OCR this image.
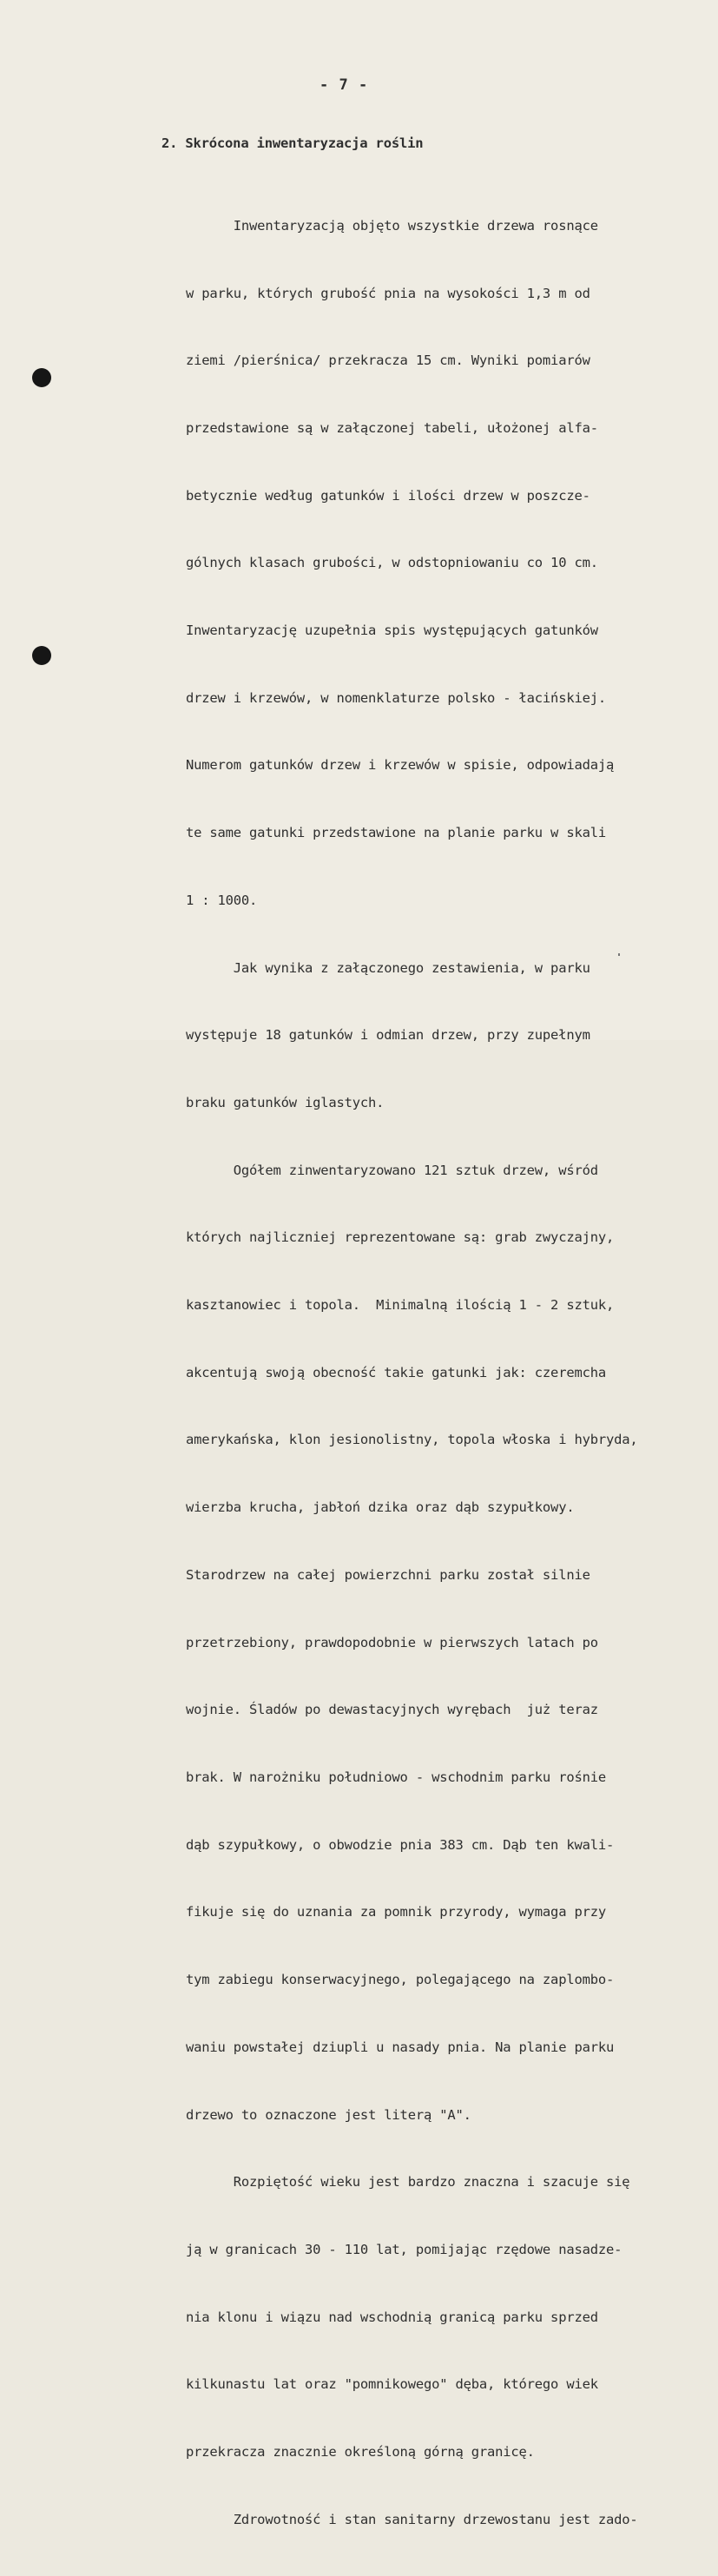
- 7 -
2. Skrócona inwentaryzacja roślin

Inwentaryzacją objęto wszystkie drzewa rosnące

w parku, których grubość pnia na wysokości 1,3 m od

ziemi /pierśnica/ przekracza 15 cm. Wyniki pomiarów

przedstawione są w załączonej tabeli, ułożonej alfa-

betycznie według gatunków i ilości drzew w poszcze-

gólnych klasach grubości, w odstopniowaniu co 10 cm.

Inwentaryzację uzupełnia spis występujących gatunków

drzew i krzewów, w nomenklaturze polsko - łacińskiej.

Numerom gatunków drzew i krzewów w spisie, odpowiadają

te same gatunki przedstawione na planie parku w skali

1 : 1000.

Jak wynika z załączonego zestawienia, w parku

występuje 18 gatunków i odmian drzew, przy zupełnym

braku gatunków iglastych.

Ogółem zinwentaryzowano 121 sztuk drzew, wśród

których najliczniej reprezentowane są: grab zwyczajny,

kasztanowiec i topola.  Minimalną ilością 1 - 2 sztuk,

akcentują swoją obecność takie gatunki jak: czeremcha

amerykańska, klon jesionolistny, topola włoska i hybryda,

wierzba krucha, jabłoń dzika oraz dąb szypułkowy.

Starodrzew na całej powierzchni parku został silnie

przetrzebiony, prawdopodobnie w pierwszych latach po

wojnie. Śladów po dewastacyjnych wyrębach  już teraz

brak. W narożniku południowo - wschodnim parku rośnie

dąb szypułkowy, o obwodzie pnia 383 cm. Dąb ten kwali-

fikuje się do uznania za pomnik przyrody, wymaga przy

tym zabiegu konserwacyjnego, polegającego na zaplombo-

waniu powstałej dziupli u nasady pnia. Na planie parku

drzewo to oznaczone jest literą "A".

Rozpiętość wieku jest bardzo znaczna i szacuje się

ją w granicach 30 - 110 lat, pomijając rzędowe nasadze-

nia klonu i wiązu nad wschodnią granicą parku sprzed

kilkunastu lat oraz "pomnikowego" dęba, którego wiek

przekracza znacznie określoną górną granicę.

Zdrowotność i stan sanitarny drzewostanu jest zado-
